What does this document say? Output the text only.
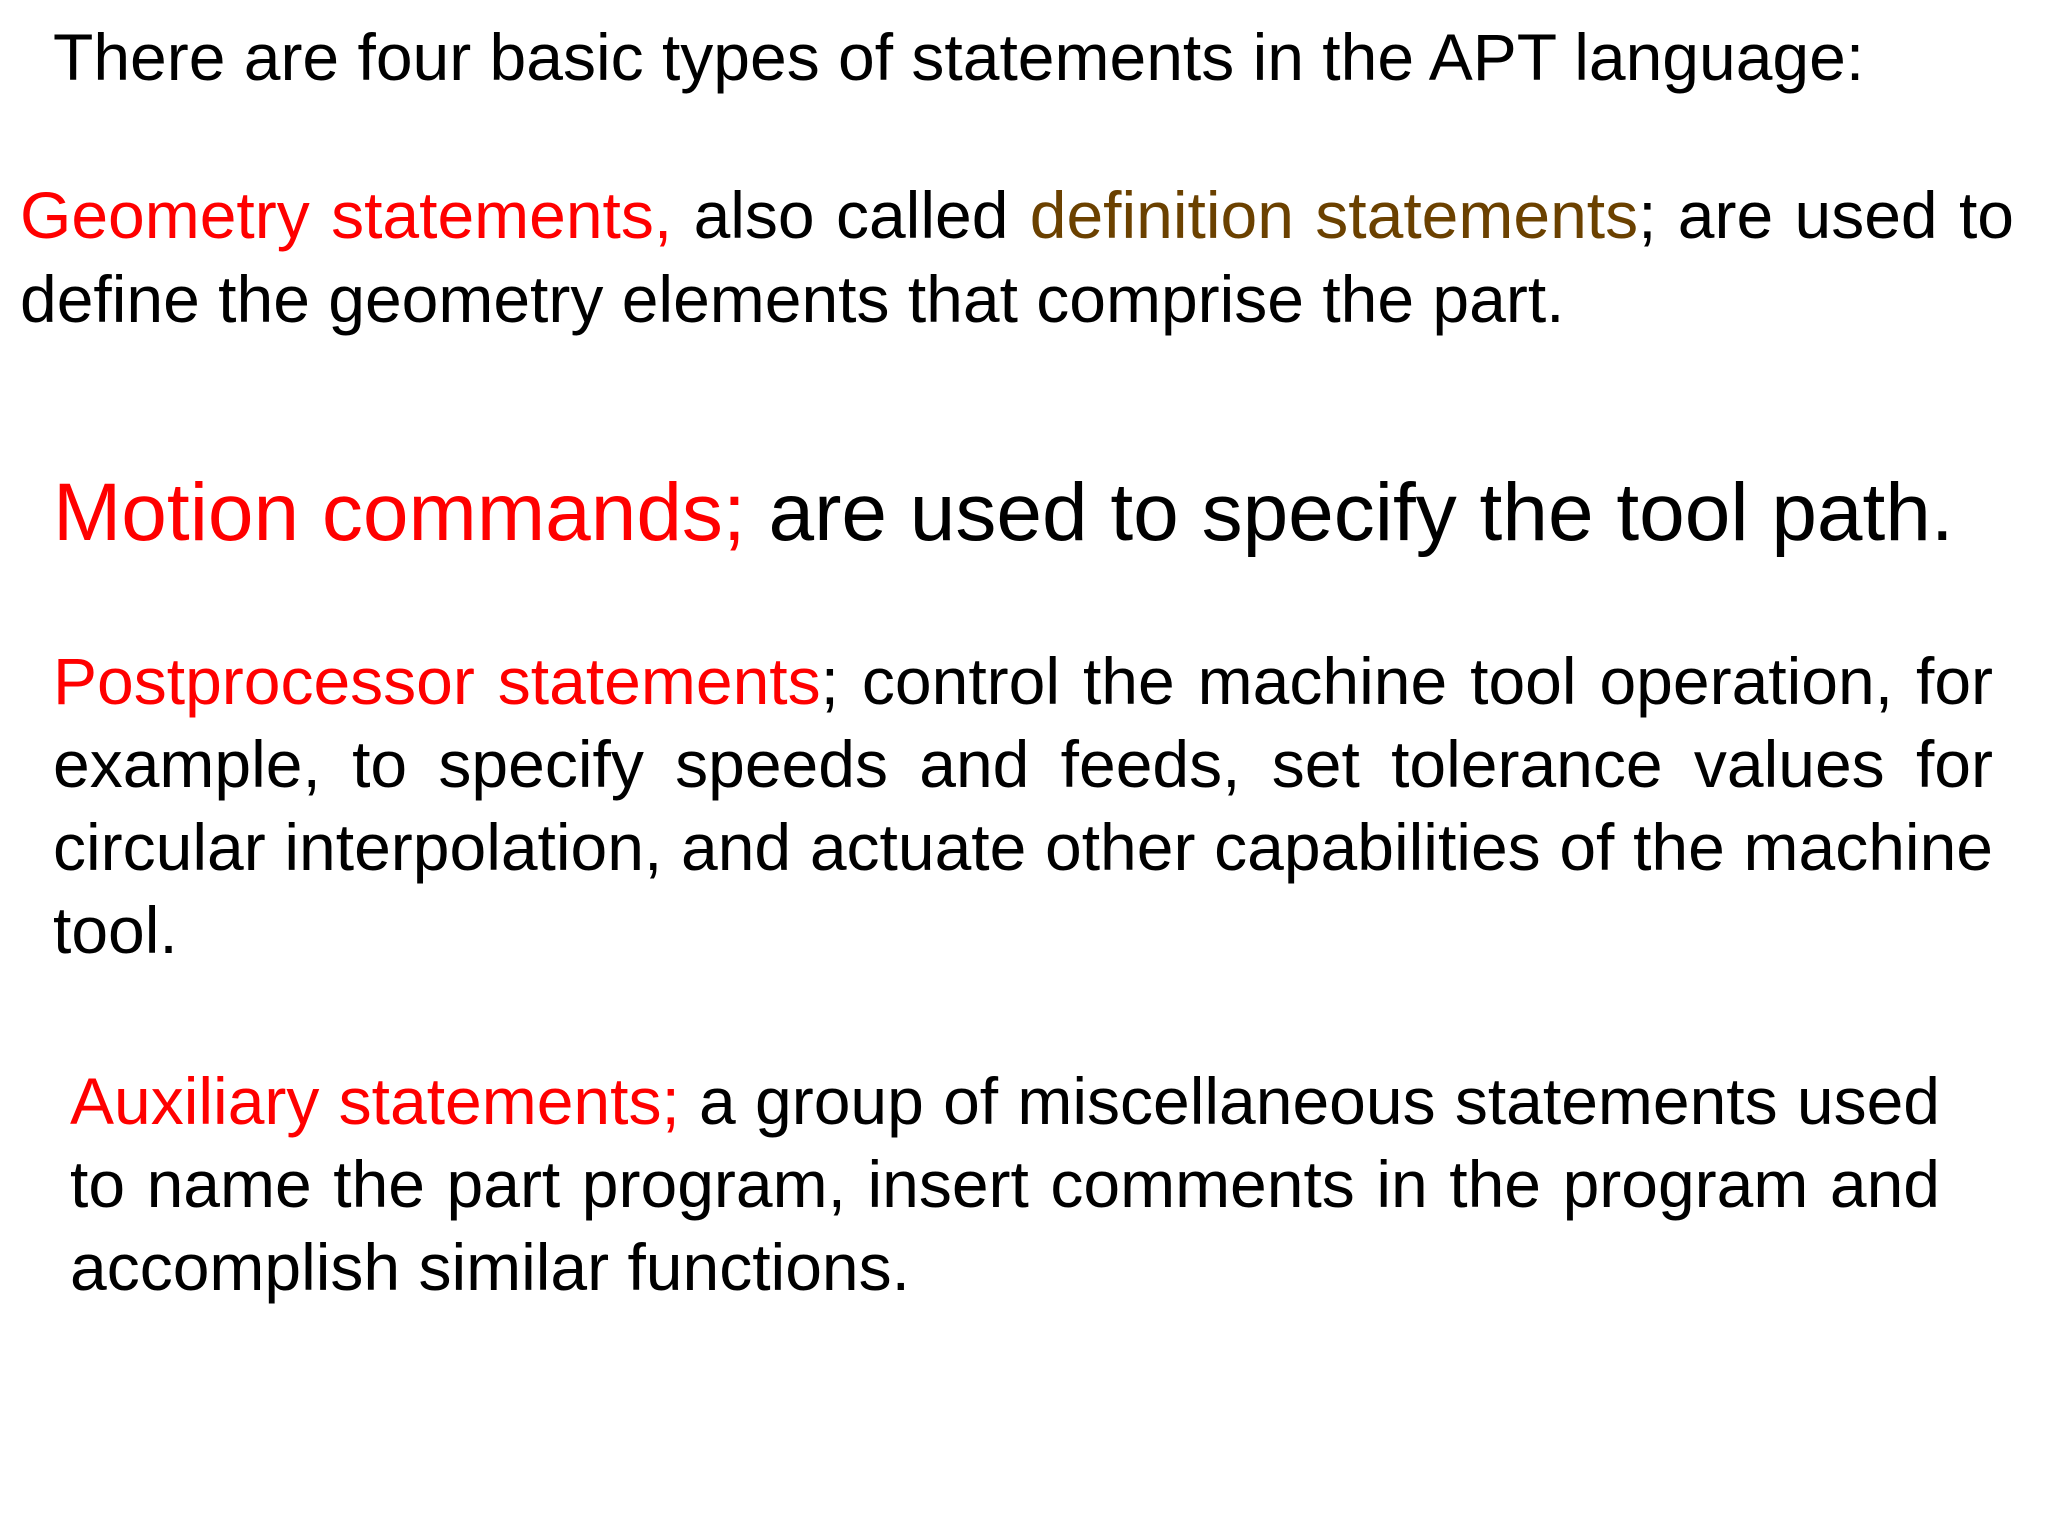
There are four basic types of statements in the APT language:

Geometry statements, also called definition statements; are used to define the geometry elements that comprise the part.

Motion commands; are used to specify the tool path.

Postprocessor statements; control the machine tool operation, for example, to specify speeds and feeds, set tolerance values for circular interpolation, and actuate other capabilities of the machine tool.

Auxiliary statements; a group of miscellaneous statements used to name the part program, insert comments in the program and accomplish similar functions.
